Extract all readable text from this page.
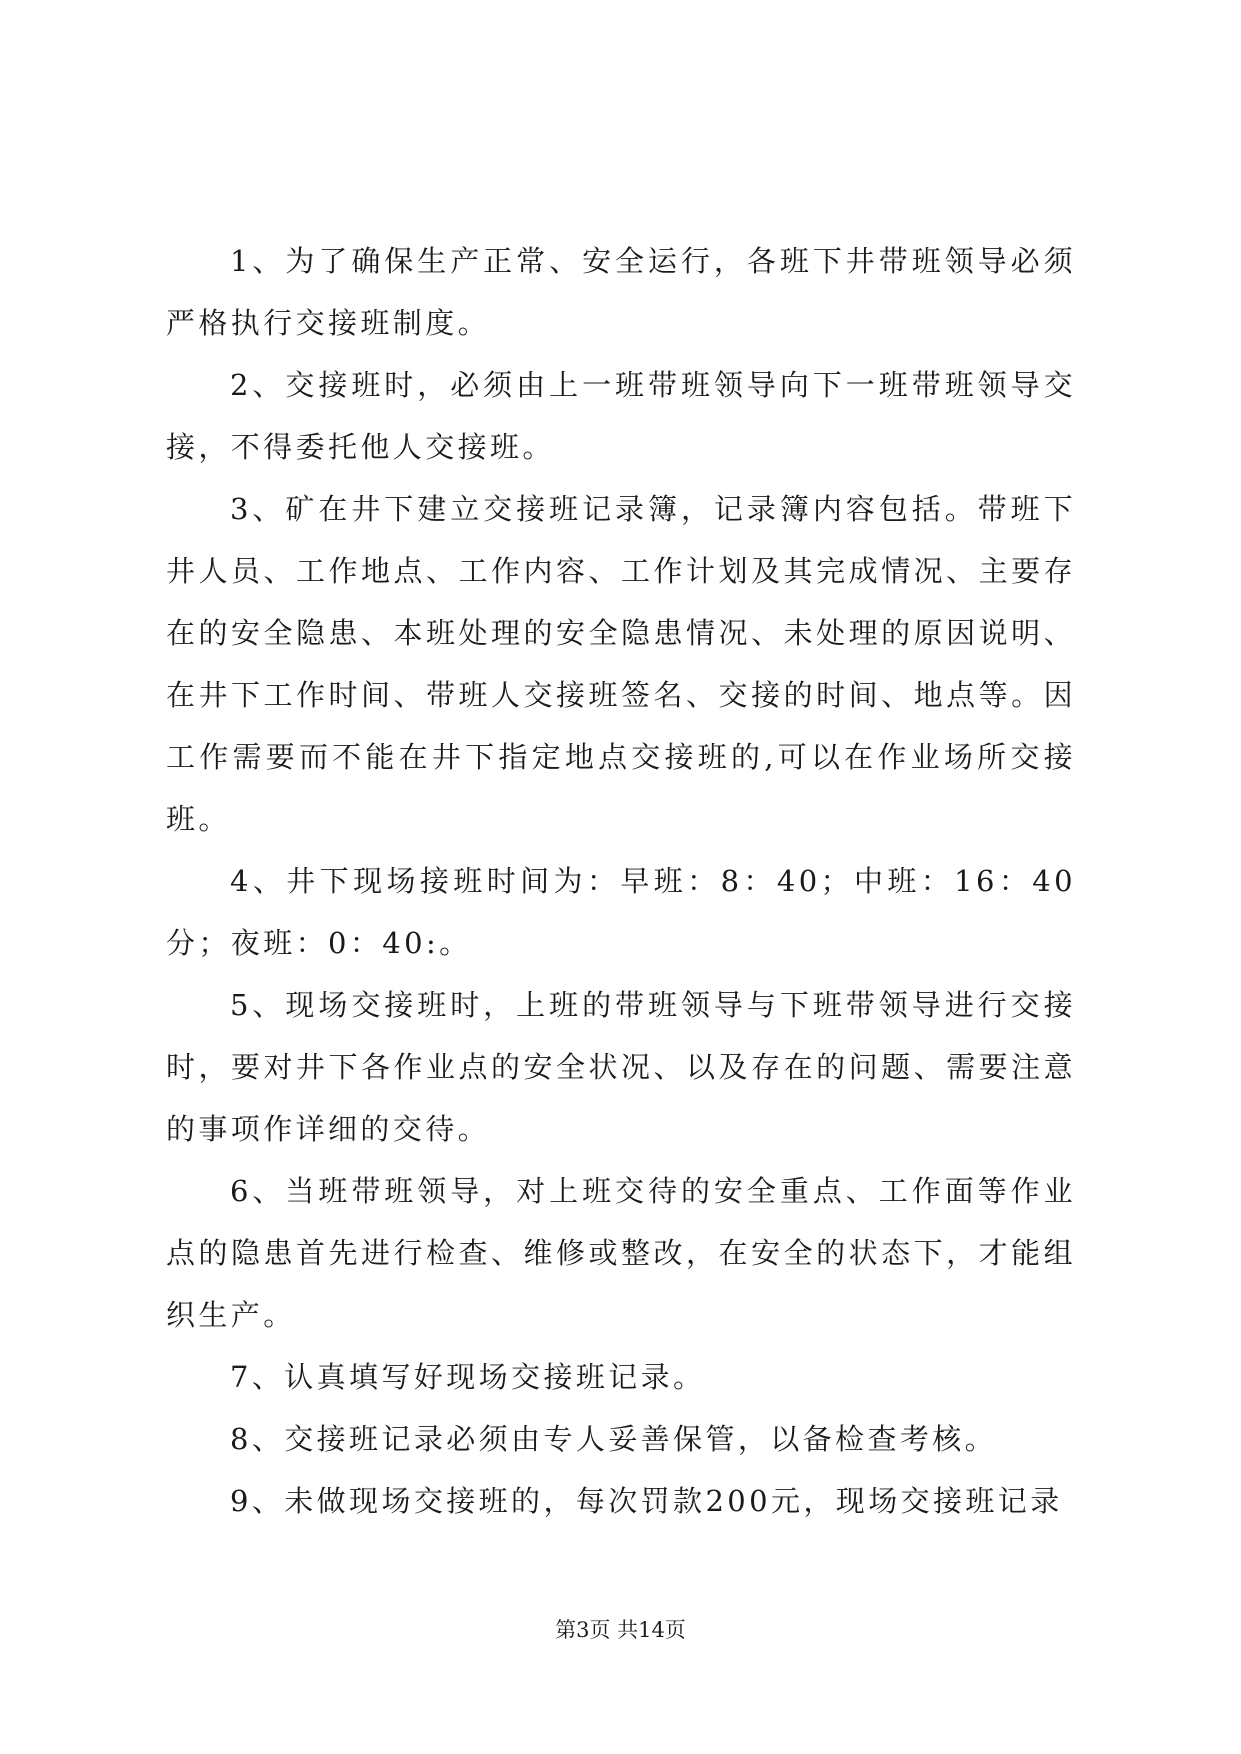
1、为了确保生产正常、安全运行，各班下井带班领导必须严格执行交接班制度。

2、交接班时，必须由上一班带班领导向下一班带班领导交接，不得委托他人交接班。

3、矿在井下建立交接班记录簿，记录簿内容包括。带班下井人员、工作地点、工作内容、工作计划及其完成情况、主要存在的安全隐患、本班处理的安全隐患情况、未处理的原因说明、在井下工作时间、带班人交接班签名、交接的时间、地点等。因工作需要而不能在井下指定地点交接班的,可以在作业场所交接班。

4、井下现场接班时间为：早班：8：40；中班：16：40分；夜班：0：40:。

5、现场交接班时，上班的带班领导与下班带领导进行交接时，要对井下各作业点的安全状况、以及存在的问题、需要注意的事项作详细的交待。

6、当班带班领导，对上班交待的安全重点、工作面等作业点的隐患首先进行检查、维修或整改，在安全的状态下，才能组织生产。

7、认真填写好现场交接班记录。

8、交接班记录必须由专人妥善保管，以备检查考核。

9、未做现场交接班的，每次罚款200元，现场交接班记录

第3页 共14页
